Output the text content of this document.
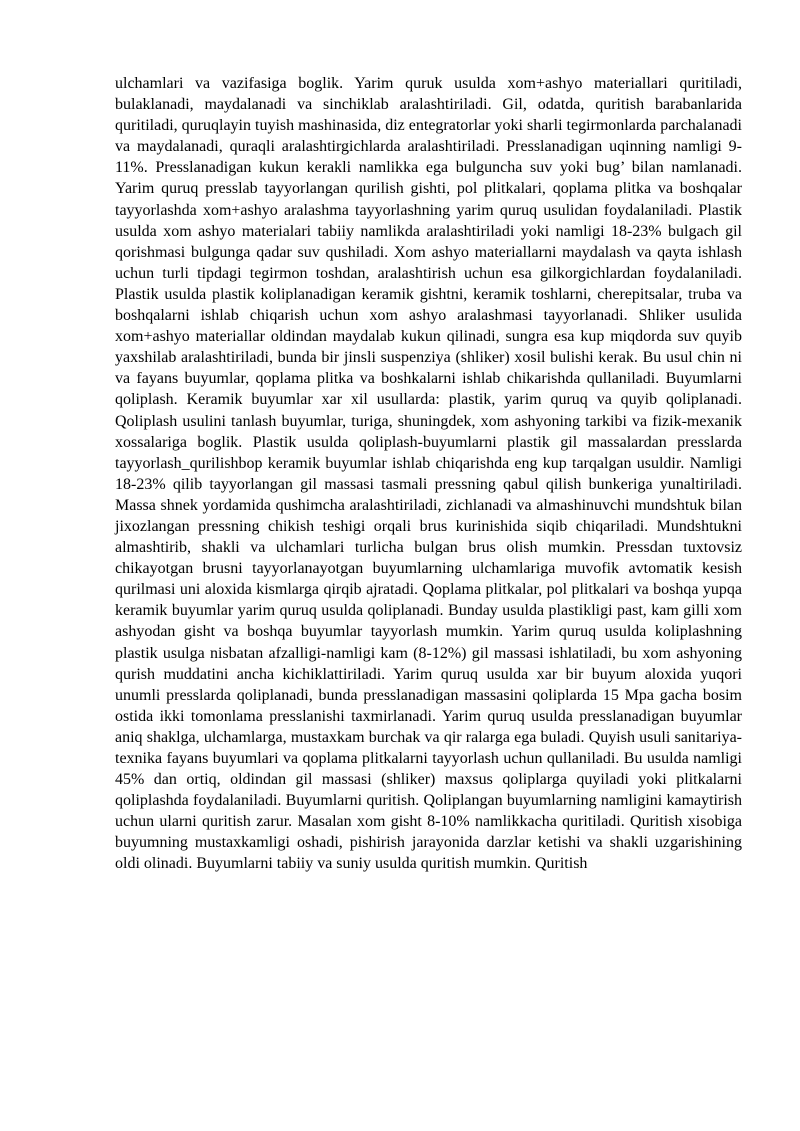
ulchamlari va vazifasiga boglik. Yarim quruk usulda xom+ashyo materiallari quritiladi, bulaklanadi, maydalanadi va sinchiklab aralashtiriladi. Gil, odatda, quritish barabanlarida quritiladi, quruqlayin tuyish mashinasida, diz entegratorlar yoki sharli tegirmonlarda parchalanadi va maydalanadi, quraqli aralashtirgichlarda aralashtiriladi. Presslanadigan uqinning namligi 9-11%. Presslanadigan kukun kerakli namlikka ega bulguncha suv yoki bug’ bilan namlanadi. Yarim quruq presslab tayyorlangan qurilish gishti, pol plitkalari, qoplama plitka va boshqalar tayyorlashda xom+ashyo aralashma tayyorlashning yarim quruq usulidan foydalaniladi. Plastik usulda xom ashyo materialari tabiiy namlikda aralashtiriladi yoki namligi 18-23% bulgach gil qorishmasi bulgunga qadar suv qushiladi. Xom ashyo materiallarni maydalash va qayta ishlash uchun turli tipdagi tegirmon toshdan, aralashtirish uchun esa gilkorgichlardan foydalaniladi. Plastik usulda plastik koliplanadigan keramik gishtni, keramik toshlarni, cherepitsalar, truba va boshqalarni ishlab chiqarish uchun xom ashyo aralashmasi tayyorlanadi. Shliker usulida xom+ashyo materiallar oldindan maydalab kukun qilinadi, sungra esa kup miqdorda suv quyib yaxshilab aralashtiriladi, bunda bir jinsli suspenziya (shliker) xosil bulishi kerak. Bu usul chin ni va fayans buyumlar, qoplama plitka va boshkalarni ishlab chikarishda qullaniladi. Buyumlarni qoliplash. Keramik buyumlar xar xil usullarda: plastik, yarim quruq va quyib qoliplanadi. Qoliplash usulini tanlash buyumlar, turiga, shuningdek, xom ashyoning tarkibi va fizik-mexanik xossalariga boglik. Plastik usulda qoliplash-buyumlarni plastik gil massalardan presslarda tayyorlash_qurilishbop keramik buyumlar ishlab chiqarishda eng kup tarqalgan usuldir. Namligi 18-23% qilib tayyorlangan gil massasi tasmali pressning qabul qilish bunkeriga yunaltiriladi. Massa shnek yordamida qushimcha aralashtiriladi, zichlanadi va almashinuvchi mundshtuk bilan jixozlangan pressning chikish teshigi orqali brus kurinishida siqib chiqariladi. Mundshtukni almashtirib, shakli va ulchamlari turlicha bulgan brus olish mumkin. Pressdan tuxtovsiz chikayotgan brusni tayyorlanayotgan buyumlarning ulchamlariga muvofik avtomatik kesish qurilmasi uni aloxida kismlarga qirqib ajratadi. Qoplama plitkalar, pol plitkalari va boshqa yupqa keramik buyumlar yarim quruq usulda qoliplanadi. Bunday usulda plastikligi past, kam gilli xom ashyodan gisht va boshqa buyumlar tayyorlash mumkin. Yarim quruq usulda koliplashning plastik usulga nisbatan afzalligi-namligi kam (8-12%) gil massasi ishlatiladi, bu xom ashyoning qurish muddatini ancha kichiklattiriladi. Yarim quruq usulda xar bir buyum aloxida yuqori unumli presslarda qoliplanadi, bunda presslanadigan massasini qoliplarda 15 Mpa gacha bosim ostida ikki tomonlama presslanishi taxmirlanadi. Yarim quruq usulda presslanadigan buyumlar aniq shaklga, ulchamlarga, mustaxkam burchak va qir ralarga ega buladi. Quyish usuli sanitariya-texnika fayans buyumlari va qoplama plitkalarni tayyorlash uchun qullaniladi. Bu usulda namligi 45% dan ortiq, oldindan gil massasi (shliker) maxsus qoliplarga quyiladi yoki plitkalarni qoliplashda foydalaniladi. Buyumlarni quritish. Qoliplangan buyumlarning namligini kamaytirish uchun ularni quritish zarur. Masalan xom gisht 8-10% namlikkacha quritiladi. Quritish xisobiga buyumning mustaxkamligi oshadi, pishirish jarayonida darzlar ketishi va shakli uzgarishining oldi olinadi. Buyumlarni tabiiy va suniy usulda quritish mumkin. Quritish
